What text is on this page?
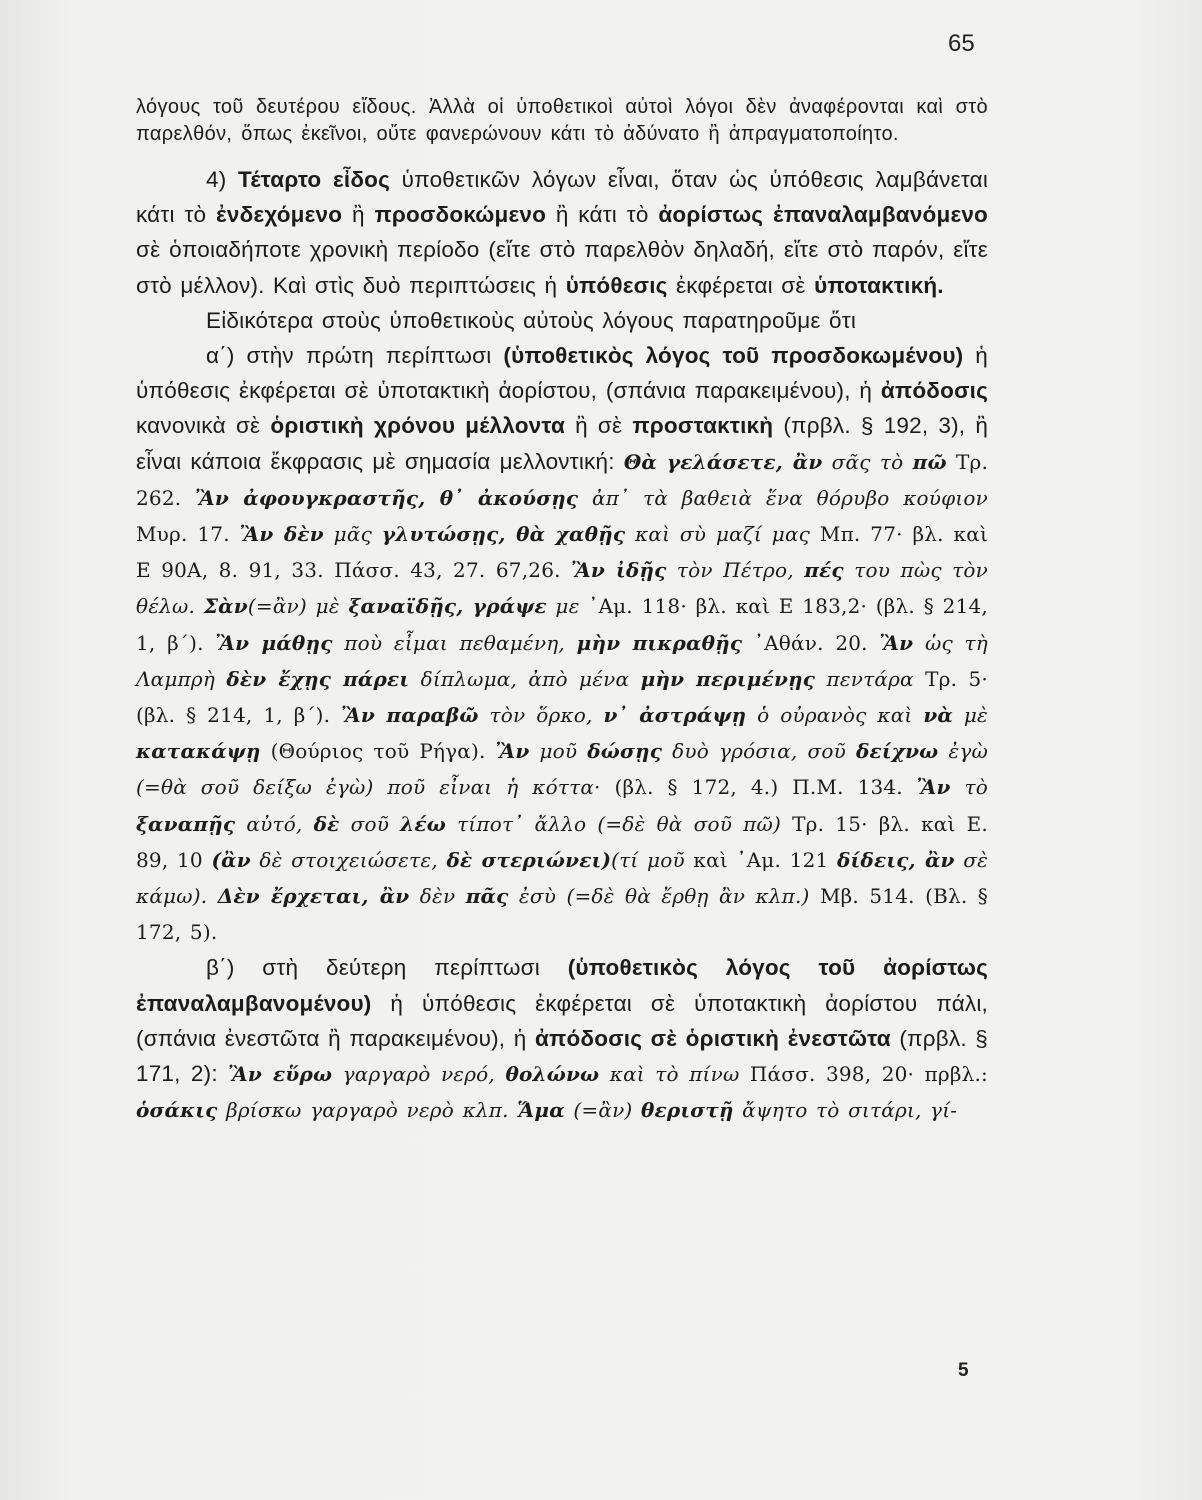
65

λόγους τοῦ δευτέρου εἴδους. Ἀλλὰ οἱ ὑποθετικοὶ αὐτοὶ λόγοι δὲν ἀναφέρονται καὶ στὸ παρελθόν, ὅπως ἐκεῖνοι, οὔτε φανερώνουν κάτι τὸ ἀδύνατο ἢ ἀπραγματοποίητο.

4) Τέταρτο εἶδος ὑποθετικῶν λόγων εἶναι, ὅταν ὡς ὑπόθεσις λαμβάνεται κάτι τὸ ἐνδεχόμενο ἢ προσδοκώμενο ἢ κάτι τὸ ἀορίστως ἐπαναλαμβανόμενο σὲ ὁποιαδήποτε χρονικὴ περίοδο (εἴτε στὸ παρελθὸν δηλαδή, εἴτε στὸ παρόν, εἴτε στὸ μέλλον). Καὶ στὶς δυὸ περιπτώσεις ἡ ὑπόθεσις ἐκφέρεται σὲ ὑποτακτική.

Εἰδικότερα στοὺς ὑποθετικοὺς αὐτοὺς λόγους παρατηροῦμε ὅτι

α΄) στὴν πρώτη περίπτωσι (ὑποθετικὸς λόγος τοῦ προσδοκωμένου) ἡ ὑπόθεσις ἐκφέρεται σὲ ὑποτακτικὴ ἀορίστου, (σπάνια παρακειμένου), ἡ ἀπόδοσις κανονικὰ σὲ ὁριστικὴ χρόνου μέλλοντα ἢ σὲ προστακτικὴ (πρβλ. § 192, 3), ἢ εἶναι κάποια ἔκφρασις μὲ σημασία μελλοντική: Θὰ γελάσετε, ἂν σᾶς τὸ πῶ Τρ. 262. Ἂν ἀφουγκραστῆς, θ᾽ ἀκούσῃς ἀπ᾽ τὰ βαθειὰ ἕνα θόρυβο κούφιον Μυρ. 17. Ἂν δὲν μᾶς γλυτώσῃς, θὰ χαθῇς καὶ σὺ μαζί μας Μπ. 77· βλ. καὶ Ε 90Α, 8. 91, 33. Πάσσ. 43, 27. 67,26. Ἂν ἰδῇς τὸν Πέτρο, πές του πὼς τὸν θέλω. Σὰν(=ἂν) μὲ ξαναϊδῇς, γράψε με ᾽Αμ. 118· βλ. καὶ Ε 183,2· (βλ. § 214, 1, β΄). Ἂν μάθῃς ποὺ εἶμαι πεθαμένη, μὴν πικραθῇς ᾽Αθάν. 20. Ἂν ὡς τὴ Λαμπρὴ δὲν ἔχῃς πάρει δίπλωμα, ἀπὸ μένα μὴν περιμένῃς πεντάρα Τρ. 5· (βλ. § 214, 1, β΄). Ἂν παραβῶ τὸν ὅρκο, ν᾽ ἀστράψῃ ὁ οὐρανὸς καὶ νὰ μὲ κατακάψῃ (Θούριος τοῦ Ρήγα). Ἂν μοῦ δώσῃς δυὸ γρόσια, σοῦ δείχνω ἐγὼ (=θὰ σοῦ δείξω ἐγὼ) ποῦ εἶναι ἡ κόττα· (βλ. § 172, 4.) Π.Μ. 134. Ἂν τὸ ξαναπῇς αὐτό, δὲ σοῦ λέω τίποτ᾽ ἄλλο (=δὲ θὰ σοῦ πῶ) Τρ. 15· βλ. καὶ Ε. 89, 10 (ἂν δὲ στοιχειώσετε, δὲ στεριώνει)(τί μοῦ καὶ ᾽Αμ. 121 δίδεις, ἂν σὲ κάμω). Δὲν ἔρχεται, ἂν δὲν πᾶς ἐσὺ (=δὲ θὰ ἔρθῃ ἂν κλπ.) Μβ. 514. (Βλ. § 172, 5).

β΄) στὴ δεύτερη περίπτωσι (ὑποθετικὸς λόγος τοῦ ἀορίστως ἐπαναλαμβανομένου) ἡ ὑπόθεσις ἐκφέρεται σὲ ὑποτακτικὴ ἀορίστου πάλι, (σπάνια ἐνεστῶτα ἢ παρακειμένου), ἡ ἀπόδοσις σὲ ὁριστικὴ ἐνεστῶτα (πρβλ. § 171, 2): Ἂν εὕρω γαργαρὸ νερό, θολώνω καὶ τὸ πίνω Πάσσ. 398, 20· πρβλ.: ὁσάκις βρίσκω γαργαρὸ νερὸ κλπ. Ἅμα (=ἂν) θεριστῇ ἄψητο τὸ σιτάρι, γί-

5
